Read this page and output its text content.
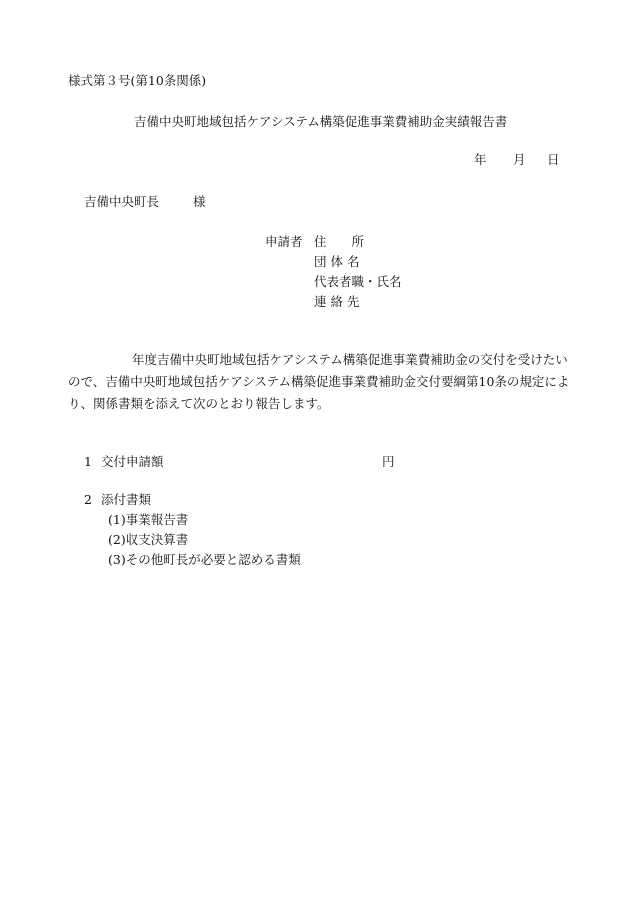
様式第３号(第10条関係)
吉備中央町地域包括ケアシステム構築促進事業費補助金実績報告書
年 月 日
吉備中央町長	様
申請者 住　　所
団 体 名
代表者職・氏名
連 絡 先
年度吉備中央町地域包括ケアシステム構築促進事業費補助金の交付を受けたい
ので、吉備中央町地域包括ケアシステム構築促進事業費補助金交付要綱第10条の規定によ
り、関係書類を添えて次のとおり報告します。
1 交付申請額	円
2 添付書類
(1)事業報告書
(2)収支決算書
(3)その他町長が必要と認める書類
